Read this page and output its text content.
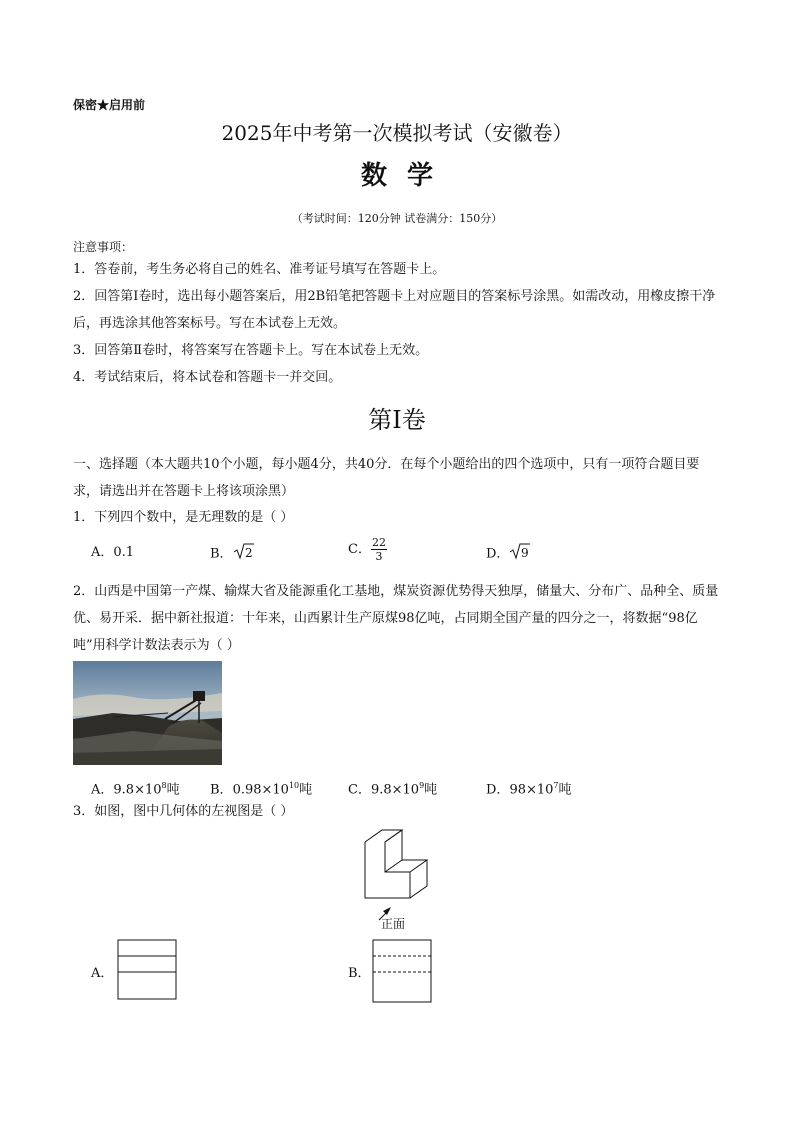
保密★启用前
2025年中考第一次模拟考试（安徽卷）
数学
（考试时间：120分钟 试卷满分：150分）
注意事项：
1．答卷前，考生务必将自己的姓名、准考证号填写在答题卡上。
2．回答第Ⅰ卷时，选出每小题答案后，用2B铅笔把答题卡上对应题目的答案标号涂黑。如需改动，用橡皮擦干净后，再选涂其他答案标号。写在本试卷上无效。
3．回答第Ⅱ卷时，将答案写在答题卡上。写在本试卷上无效。
4．考试结束后，将本试卷和答题卡一并交回。
第Ⅰ卷
一、选择题（本大题共10个小题，每小题4分，共40分．在每个小题给出的四个选项中，只有一项符合题目要求，请选出并在答题卡上将该项涂黑）
1．下列四个数中，是无理数的是（ ）
A．0.1	B． 2	C． $\frac{22}{3}$	D． 9
2．山西是中国第一产煤、输煤大省及能源重化工基地，煤炭资源优势得天独厚，储量大、分布广、品种全、质量优、易开采．据中新社报道：十年来，山西累计生产原煤98亿吨，占同期全国产量的四分之一，将数据“98亿吨”用科学计数法表示为（ ）
A．$9.8\times 10^8$吨 B．$0.98\times 10^{10}$吨	C．$9.8\times 10^9$吨	D．$98\times 10^7$吨
3．如图，图中几何体的左视图是（ ）
正面
A．	B．
